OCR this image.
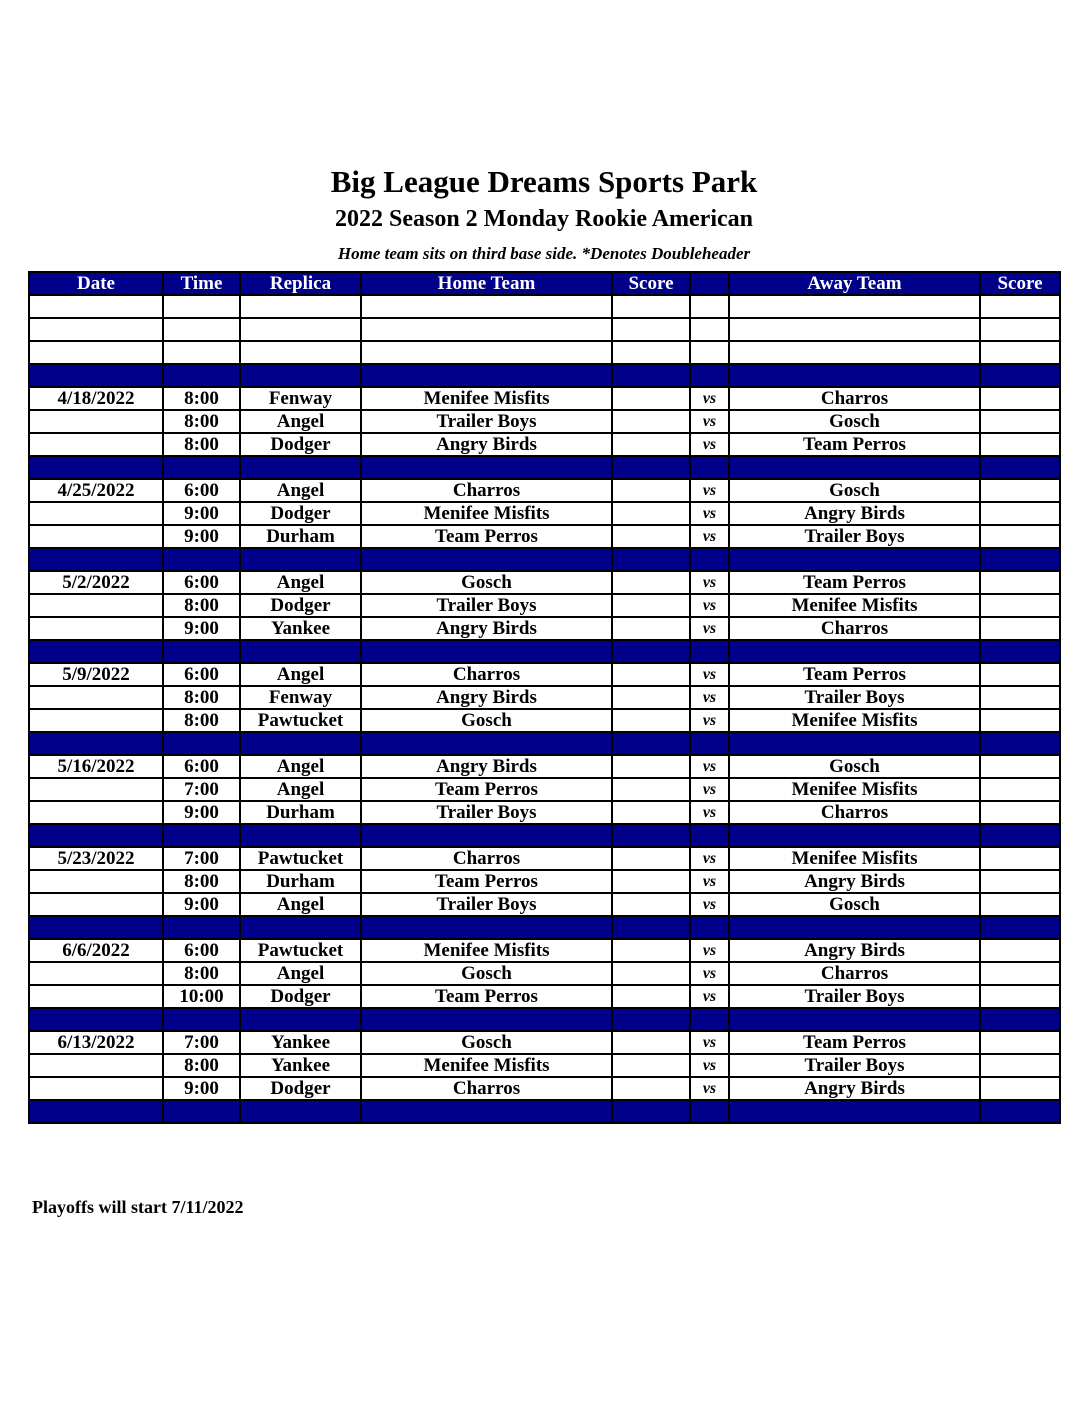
Big League Dreams Sports Park
2022 Season 2 Monday Rookie American
Home team sits on third base side. *Denotes Doubleheader
Date	Time	Replica	Home Team	Score		Away Team	Score

4/18/2022	8:00	Fenway	Menifee Misfits		vs	Charros	
	8:00	Angel	Trailer Boys		vs	Gosch	
	8:00	Dodger	Angry Birds		vs	Team Perros	

4/25/2022	6:00	Angel	Charros		vs	Gosch	
	9:00	Dodger	Menifee Misfits		vs	Angry Birds	
	9:00	Durham	Team Perros		vs	Trailer Boys	

5/2/2022	6:00	Angel	Gosch		vs	Team Perros	
	8:00	Dodger	Trailer Boys		vs	Menifee Misfits	
	9:00	Yankee	Angry Birds		vs	Charros	

5/9/2022	6:00	Angel	Charros		vs	Team Perros	
	8:00	Fenway	Angry Birds		vs	Trailer Boys	
	8:00	Pawtucket	Gosch		vs	Menifee Misfits	

5/16/2022	6:00	Angel	Angry Birds		vs	Gosch	
	7:00	Angel	Team Perros		vs	Menifee Misfits	
	9:00	Durham	Trailer Boys		vs	Charros	

5/23/2022	7:00	Pawtucket	Charros		vs	Menifee Misfits	
	8:00	Durham	Team Perros		vs	Angry Birds	
	9:00	Angel	Trailer Boys		vs	Gosch	

6/6/2022	6:00	Pawtucket	Menifee Misfits		vs	Angry Birds	
	8:00	Angel	Gosch		vs	Charros	
	10:00	Dodger	Team Perros		vs	Trailer Boys	

6/13/2022	7:00	Yankee	Gosch		vs	Team Perros	
	8:00	Yankee	Menifee Misfits		vs	Trailer Boys	
	9:00	Dodger	Charros		vs	Angry Birds	

Playoffs will start 7/11/2022
